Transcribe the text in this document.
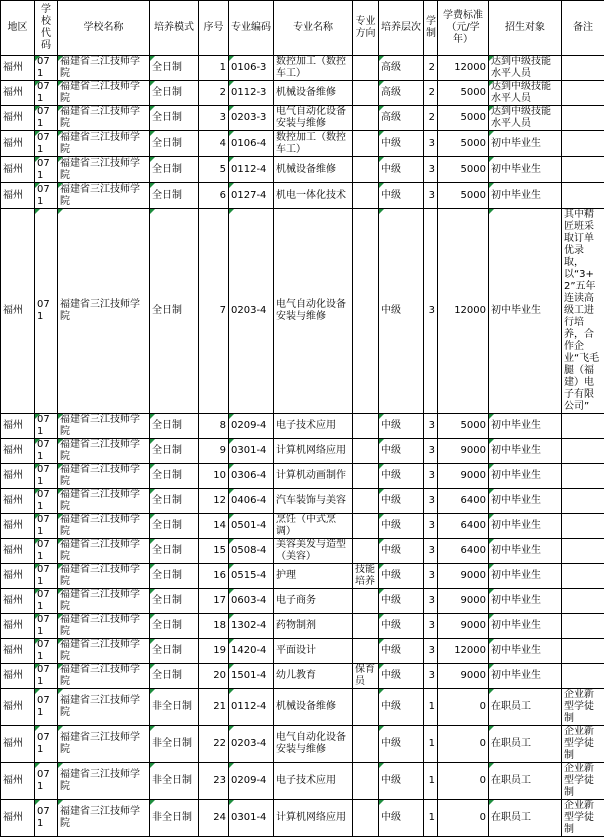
地区	学校代码	学校名称	培养模式	序号	专业编码	专业名称	专业方向	培养层次	学制	学费标准（元/学年）	招生对象	备注

福州	071	福建省三江技师学院	全日制	1	0106-3	数控加工（数控车工）		高级	2	12000	达到中级技能水平人员	

福州	071	福建省三江技师学院	全日制	2	0112-3	机械设备维修		高级	2	5000	达到中级技能水平人员	

福州	071	福建省三江技师学院	全日制	3	0203-3	电气自动化设备安装与维修		高级	2	5000	达到中级技能水平人员	

福州	071	福建省三江技师学院	全日制	4	0106-4	数控加工（数控车工）		中级	3	5000	初中毕业生	

福州	071	福建省三江技师学院	全日制	5	0112-4	机械设备维修		中级	3	5000	初中毕业生	

福州	071	福建省三江技师学院	全日制	6	0127-4	机电一体化技术		中级	3	5000	初中毕业生	

福州	071	福建省三江技师学院	全日制	7	0203-4	电气自动化设备安装与维修		中级	3	12000	初中毕业生	其中精匠班采取订单优录取，以“3+2”五年连读高级工进行培养，合作企业“飞毛腿（福建）电子有限公司”

福州	071	福建省三江技师学院	全日制	8	0209-4	电子技术应用		中级	3	5000	初中毕业生	

福州	071	福建省三江技师学院	全日制	9	0301-4	计算机网络应用		中级	3	9000	初中毕业生	

福州	071	福建省三江技师学院	全日制	10	0306-4	计算机动画制作		中级	3	9000	初中毕业生	

福州	071	福建省三江技师学院	全日制	12	0406-4	汽车装饰与美容		中级	3	6400	初中毕业生	

福州	071	福建省三江技师学院	全日制	14	0501-4	烹饪（中式烹调）		中级	3	6400	初中毕业生	

福州	071	福建省三江技师学院	全日制	15	0508-4	美容美发与造型（美容）		中级	3	6400	初中毕业生	

福州	071	福建省三江技师学院	全日制	16	0515-4	护理	技能培养	中级	3	9000	初中毕业生	

福州	071	福建省三江技师学院	全日制	17	0603-4	电子商务		中级	3	9000	初中毕业生	

福州	071	福建省三江技师学院	全日制	18	1302-4	药物制剂		中级	3	9000	初中毕业生	

福州	071	福建省三江技师学院	全日制	19	1420-4	平面设计		中级	3	12000	初中毕业生	

福州	071	福建省三江技师学院	全日制	20	1501-4	幼儿教育	保育员	中级	3	9000	初中毕业生	

福州	071	福建省三江技师学院	非全日制	21	0112-4	机械设备维修		中级	1	0	在职员工	企业新型学徒制

福州	071	福建省三江技师学院	非全日制	22	0203-4	电气自动化设备安装与维修		中级	1	0	在职员工	企业新型学徒制

福州	071	福建省三江技师学院	非全日制	23	0209-4	电子技术应用		中级	1	0	在职员工	企业新型学徒制

福州	071	福建省三江技师学院	非全日制	24	0301-4	计算机网络应用		中级	1	0	在职员工	企业新型学徒制
